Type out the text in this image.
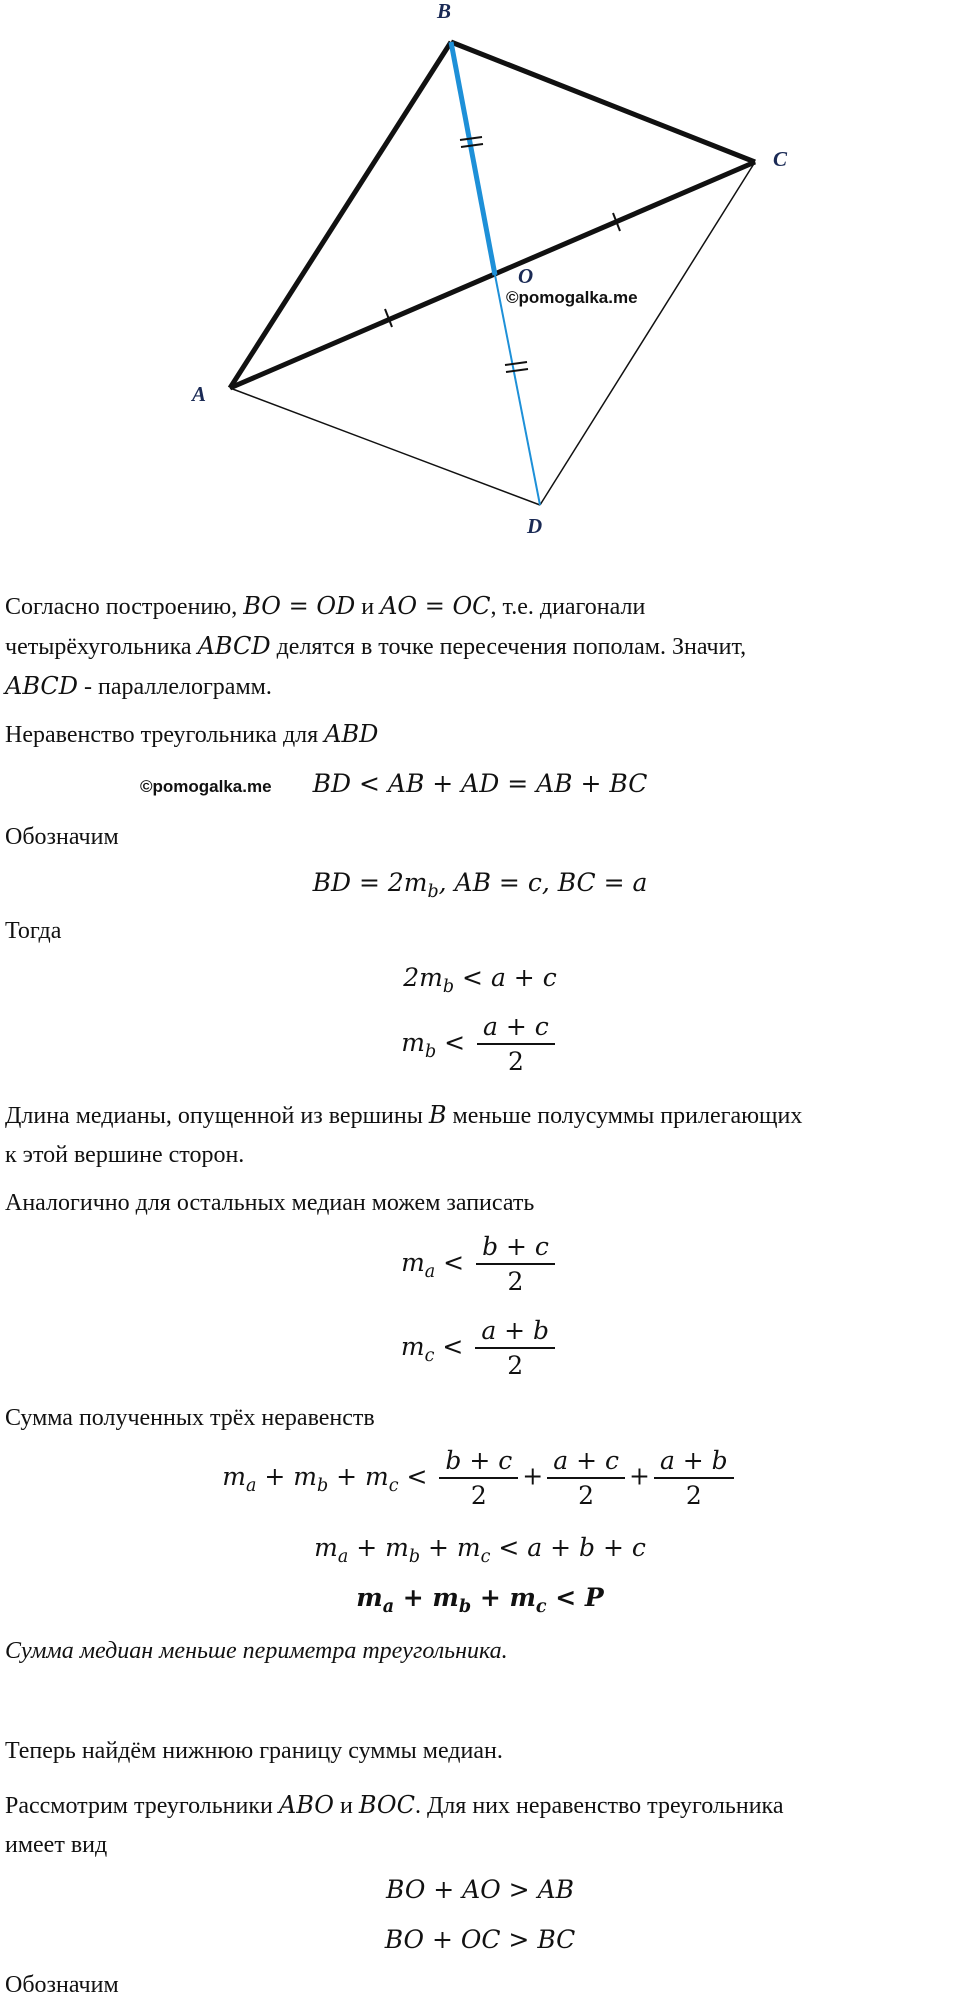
B
C
A
D
O
©pomogalka.me

Согласно построению, BO = OD и AO = OC, т.е. диагонали
четырёхугольника ABCD делятся в точке пересечения пополам. Значит,
ABCD - параллелограмм.

Неравенство треугольника для ABD

©pomogalka.me	BD < AB + AD = AB + BC

Обозначим

BD = $2m_b$, AB = c, BC = a

Тогда

$2m_b < a + c$
$m_b < \frac{a + c}{2}$

Длина медианы, опущенной из вершины B меньше полусуммы прилегающих
к этой вершине сторон.

Аналогично для остальных медиан можем записать

$m_a < \frac{b + c}{2}$
$m_c < \frac{a + b}{2}$

Сумма полученных трёх неравенств

$m_a + m_b + m_c < \frac{b + c}{2} + \frac{a + c}{2} + \frac{a + b}{2}$
$m_a + m_b + m_c < a + b + c$
$m_a + m_b + m_c < P$

Сумма медиан меньше периметра треугольника.

Теперь найдём нижнюю границу суммы медиан.

Рассмотрим треугольники ABO и BOC. Для них неравенство треугольника
имеет вид

BO + AO > AB
BO + OC > BC

Обозначим
